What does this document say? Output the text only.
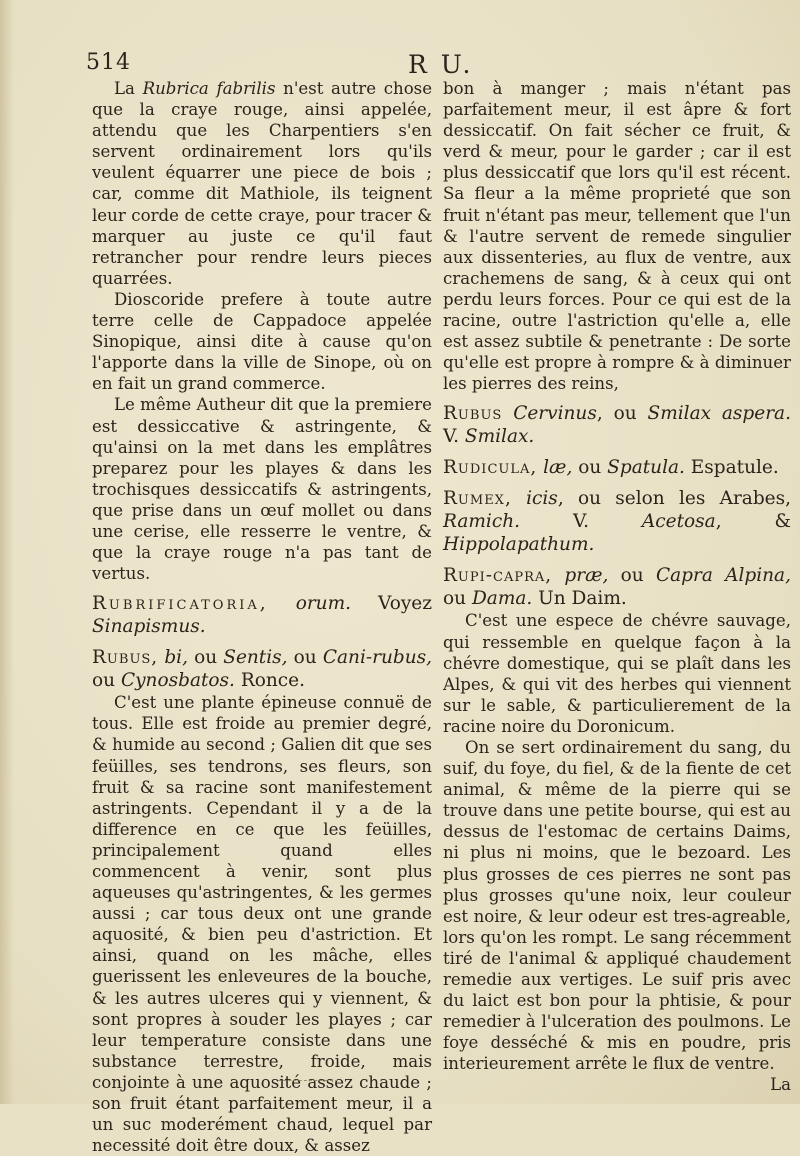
514	R U.

La Rubrica fabrilis n'est autre chose que la craye rouge, ainsi appelée, attendu que les Charpentiers s'en servent ordinairement lors qu'ils veulent équarrer une piece de bois ; car, comme dit Mathiole, ils teignent leur corde de cette craye, pour tracer & marquer au juste ce qu'il faut retrancher pour rendre leurs pieces quarrées.

Dioscoride prefere à toute autre terre celle de Cappadoce appelée Sinopique, ainsi dite à cause qu'on l'apporte dans la ville de Sinope, où on en fait un grand commerce.

Le même Autheur dit que la premiere est dessiccative & astringente, & qu'ainsi on la met dans les emplâtres preparez pour les playes & dans les trochisques dessiccatifs & astringents, que prise dans un œuf mollet ou dans une cerise, elle resserre le ventre, & que la craye rouge n'a pas tant de vertus.

Rubrificatoria, orum. Voyez Sinapismus.

Rubus, bi, ou Sentis, ou Cani-rubus, ou Cynosbatos. Ronce.

C'est une plante épineuse connuë de tous. Elle est froide au premier degré, & humide au second ; Galien dit que ses feüilles, ses tendrons, ses fleurs, son fruit & sa racine sont manifestement astringents. Cependant il y a de la difference en ce que les feüilles, principalement quand elles commencent à venir, sont plus aqueuses qu'astringentes, & les germes aussi ; car tous deux ont une grande aquosité, & bien peu d'astriction. Et ainsi, quand on les mâche, elles guerissent les enleveures de la bouche, & les autres ulceres qui y viennent, & sont propres à souder les playes ; car leur temperature consiste dans une substance terrestre, froide, mais conjointe à une aquosité assez chaude ; son fruit étant parfaitement meur, il a un suc moderément chaud, lequel par necessité doit être doux, & assez

bon à manger ; mais n'étant pas parfaitement meur, il est âpre & fort dessiccatif. On fait sécher ce fruit, & verd & meur, pour le garder ; car il est plus dessiccatif que lors qu'il est récent. Sa fleur a la même proprieté que son fruit n'étant pas meur, tellement que l'un & l'autre servent de remede singulier aux dissenteries, au flux de ventre, aux crachemens de sang, & à ceux qui ont perdu leurs forces. Pour ce qui est de la racine, outre l'astriction qu'elle a, elle est assez subtile & penetrante : De sorte qu'elle est propre à rompre & à diminuer les pierres des reins,

Rubus Cervinus, ou Smilax aspera. V. Smilax.

Rudicula, læ, ou Spatula. Espatule.

Rumex, icis, ou selon les Arabes, Ramich.	V.	Acetosa, & Hippolapathum.

Rupi-capra, præ, ou Capra Alpina, ou Dama. Un Daim.

C'est une espece de chévre sauvage, qui ressemble en quelque façon à la chévre domestique, qui se plaît dans les Alpes, & qui vit des herbes qui viennent sur le sable, & particulierement de la racine noire du Doronicum.

On se sert ordinairement du sang, du suif, du foye, du fiel, & de la fiente de cet animal, & même de la pierre qui se trouve dans une petite bourse, qui est au dessus de l'estomac de certains Daims, ni plus ni moins, que le bezoard. Les plus grosses de ces pierres ne sont pas plus grosses qu'une noix, leur couleur est noire, & leur odeur est tres-agreable, lors qu'on les rompt. Le sang récemment tiré de l'animal & appliqué chaudement remedie aux vertiges. Le suif pris avec du laict est bon pour la phtisie, & pour remedier à l'ulceration des poulmons. Le foye desséché & mis en poudre, pris interieurement arrête le flux de ventre.
La
